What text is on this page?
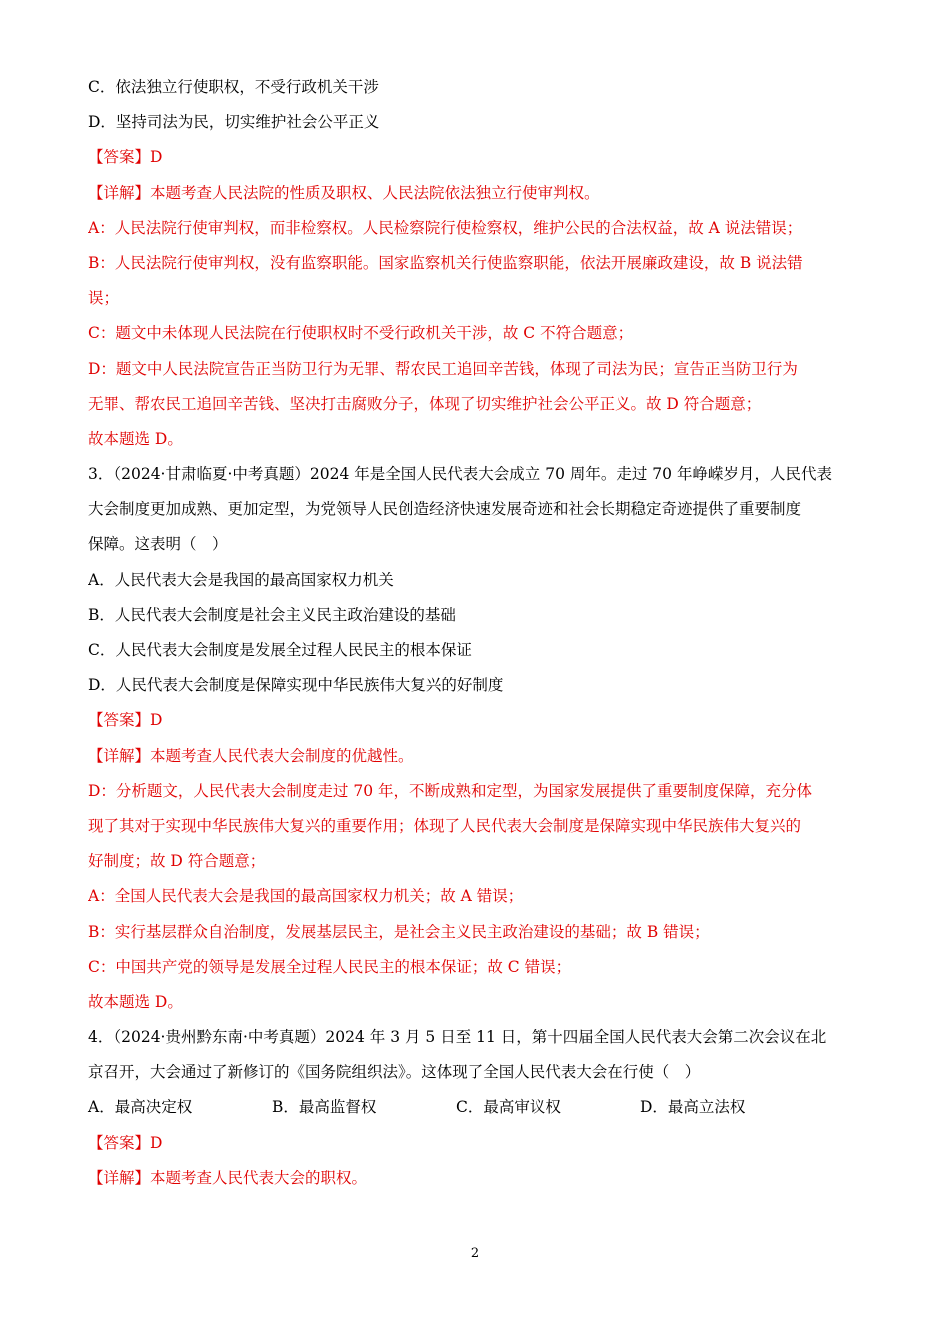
C．依法独立行使职权，不受行政机关干涉
D．坚持司法为民，切实维护社会公平正义
【答案】D
【详解】本题考查人民法院的性质及职权、人民法院依法独立行使审判权。
A：人民法院行使审判权，而非检察权。人民检察院行使检察权，维护公民的合法权益，故 A 说法错误；
B：人民法院行使审判权，没有监察职能。国家监察机关行使监察职能，依法开展廉政建设，故 B 说法错
误；
C：题文中未体现人民法院在行使职权时不受行政机关干涉，故 C 不符合题意；
D：题文中人民法院宣告正当防卫行为无罪、帮农民工追回辛苦钱，体现了司法为民；宣告正当防卫行为
无罪、帮农民工追回辛苦钱、坚决打击腐败分子，体现了切实维护社会公平正义。故 D 符合题意；
故本题选 D。
3．（2024·甘肃临夏·中考真题）2024 年是全国人民代表大会成立 70 周年。走过 70 年峥嵘岁月，人民代表
大会制度更加成熟、更加定型，为党领导人民创造经济快速发展奇迹和社会长期稳定奇迹提供了重要制度
保障。这表明（　）
A．人民代表大会是我国的最高国家权力机关
B．人民代表大会制度是社会主义民主政治建设的基础
C．人民代表大会制度是发展全过程人民民主的根本保证
D．人民代表大会制度是保障实现中华民族伟大复兴的好制度
【答案】D
【详解】本题考查人民代表大会制度的优越性。
D：分析题文，人民代表大会制度走过 70 年，不断成熟和定型，为国家发展提供了重要制度保障，充分体
现了其对于实现中华民族伟大复兴的重要作用；体现了人民代表大会制度是保障实现中华民族伟大复兴的
好制度；故 D 符合题意；
A：全国人民代表大会是我国的最高国家权力机关；故 A 错误；
B：实行基层群众自治制度，发展基层民主，是社会主义民主政治建设的基础；故 B 错误；
C：中国共产党的领导是发展全过程人民民主的根本保证；故 C 错误；
故本题选 D。
4．（2024·贵州黔东南·中考真题）2024 年 3 月 5 日至 11 日，第十四届全国人民代表大会第二次会议在北
京召开，大会通过了新修订的《国务院组织法》。这体现了全国人民代表大会在行使（　）
A．最高决定权	B．最高监督权	C．最高审议权	D．最高立法权
【答案】D
【详解】本题考查人民代表大会的职权。
2
